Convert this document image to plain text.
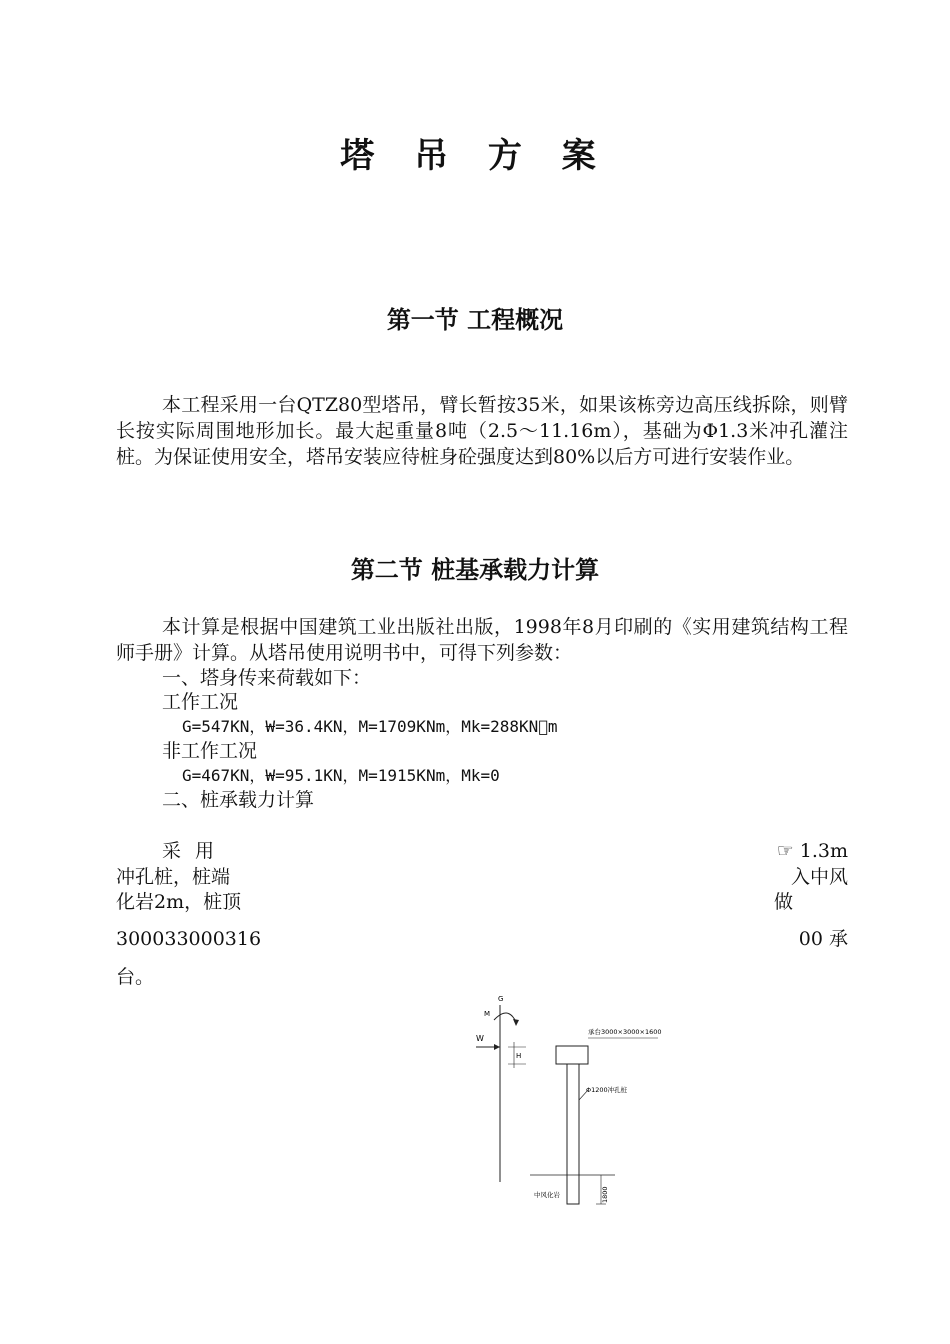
塔 吊 方 案
第一节 工程概况
本工程采用一台QTZ80型塔吊，臂长暂按35米，如果该栋旁边高压线拆除，则臂长按实际周围地形加长。最大起重量8吨（2.5～11.16m），基础为Φ1.3米冲孔灌注桩。为保证使用安全，塔吊安装应待桩身砼强度达到80%以后方可进行安装作业。
第二节 桩基承载力计算
本计算是根据中国建筑工业出版社出版，1998年8月印刷的《实用建筑结构工程师手册》计算。从塔吊使用说明书中，可得下列参数：
一、塔身传来荷载如下：
工作工况
G=547KN，W=36.4KN，M=1709KNm，Mk=288KN m
非工作工况
G=467KN，W=95.1KN，M=1915KNm，Mk=0
二、桩承载力计算
采 用
冲孔桩，桩端
化岩2m，桩顶
300033000316
☞ 1.3m
入中风
做
00 承
台。
G
M
W
H
承台3000×3000×1600
Φ1200冲孔桩
中风化岩	1800
